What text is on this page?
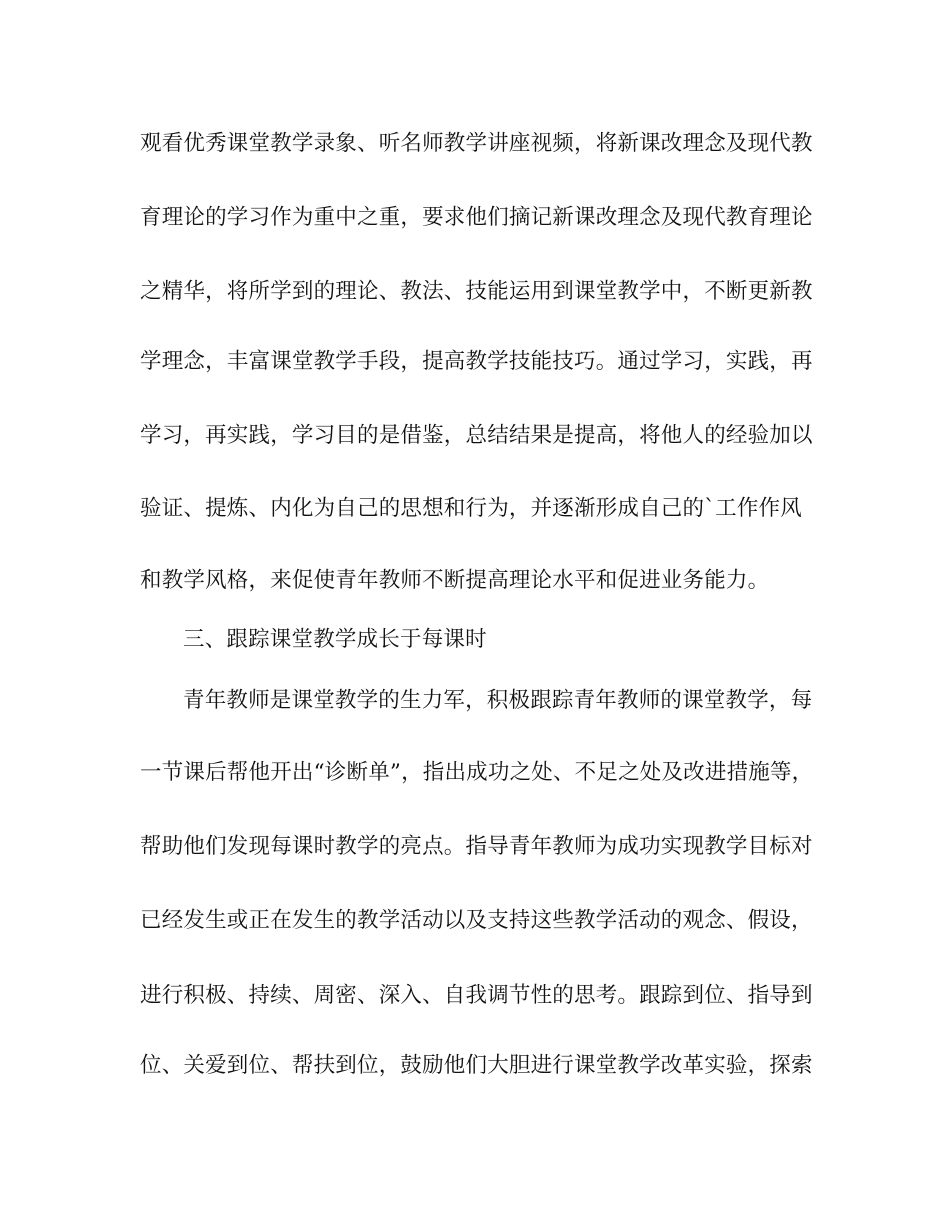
观看优秀课堂教学录象、听名师教学讲座视频，将新课改理念及现代教
育理论的学习作为重中之重，要求他们摘记新课改理念及现代教育理论
之精华，将所学到的理论、教法、技能运用到课堂教学中，不断更新教
学理念，丰富课堂教学手段，提高教学技能技巧。通过学习，实践，再
学习，再实践，学习目的是借鉴，总结结果是提高，将他人的经验加以
验证、提炼、内化为自己的思想和行为，并逐渐形成自己的`工作作风
和教学风格，来促使青年教师不断提高理论水平和促进业务能力。
三、跟踪课堂教学成长于每课时
青年教师是课堂教学的生力军，积极跟踪青年教师的课堂教学，每
一节课后帮他开出“诊断单”，指出成功之处、不足之处及改进措施等，
帮助他们发现每课时教学的亮点。指导青年教师为成功实现教学目标对
已经发生或正在发生的教学活动以及支持这些教学活动的观念、假设，
进行积极、持续、周密、深入、自我调节性的思考。跟踪到位、指导到
位、关爱到位、帮扶到位，鼓励他们大胆进行课堂教学改革实验，探索
